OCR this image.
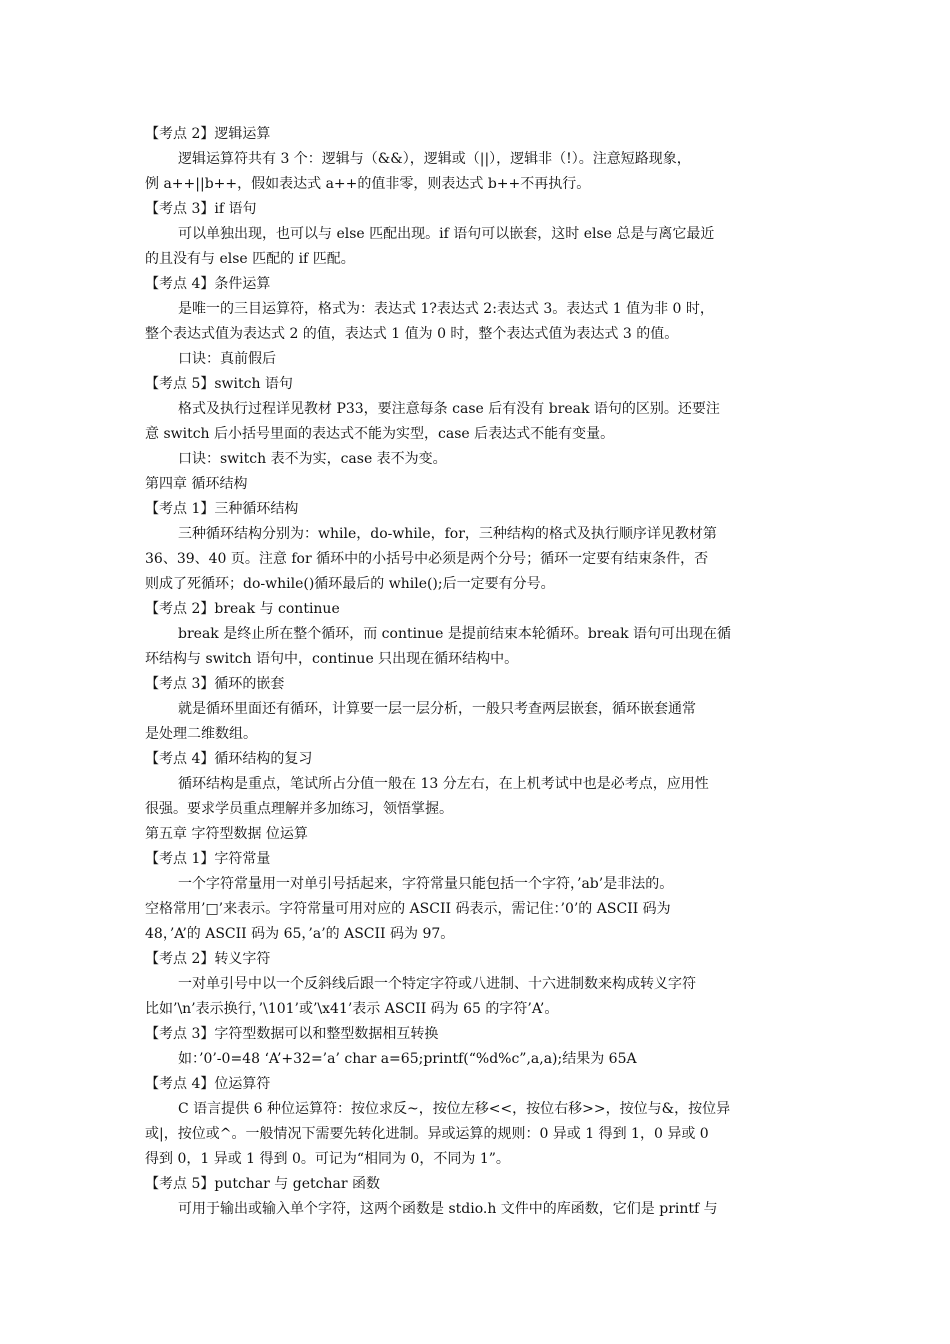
【考点 2】逻辑运算
逻辑运算符共有 3 个：逻辑与（&&），逻辑或（||），逻辑非（!）。注意短路现象，
例 a++||b++，假如表达式 a++的值非零，则表达式 b++不再执行。
【考点 3】if 语句
可以单独出现，也可以与 else 匹配出现。if 语句可以嵌套，这时 else 总是与离它最近
的且没有与 else 匹配的 if 匹配。
【考点 4】条件运算
是唯一的三目运算符，格式为：表达式 1?表达式 2:表达式 3。表达式 1 值为非 0 时，
整个表达式值为表达式 2 的值，表达式 1 值为 0 时，整个表达式值为表达式 3 的值。
口诀：真前假后
【考点 5】switch 语句
格式及执行过程详见教材 P33，要注意每条 case 后有没有 break 语句的区别。还要注
意 switch 后小括号里面的表达式不能为实型，case 后表达式不能有变量。
口诀：switch 表不为实，case 表不为变。
第四章 循环结构
【考点 1】三种循环结构
三种循环结构分别为：while，do-while，for，三种结构的格式及执行顺序详见教材第
36、39、40 页。注意 for 循环中的小括号中必须是两个分号；循环一定要有结束条件，否
则成了死循环；do-while()循环最后的 while();后一定要有分号。
【考点 2】break 与 continue
break 是终止所在整个循环，而 continue 是提前结束本轮循环。break 语句可出现在循
环结构与 switch 语句中，continue 只出现在循环结构中。
【考点 3】循环的嵌套
就是循环里面还有循环，计算要一层一层分析，一般只考查两层嵌套，循环嵌套通常
是处理二维数组。
【考点 4】循环结构的复习
循环结构是重点，笔试所占分值一般在 13 分左右，在上机考试中也是必考点，应用性
很强。要求学员重点理解并多加练习，领悟掌握。
第五章 字符型数据 位运算
【考点 1】字符常量
一个字符常量用一对单引号括起来，字符常量只能包括一个字符，’ab’是非法的。
空格常用’□’来表示。字符常量可用对应的 ASCII 码表示，需记住：’0’的 ASCII 码为
48，’A’的 ASCII 码为 65，’a’的 ASCII 码为 97。
【考点 2】转义字符
一对单引号中以一个反斜线后跟一个特定字符或八进制、十六进制数来构成转义字符
比如’\n’表示换行，’\101’或’\x41’表示 ASCII 码为 65 的字符’A’。
【考点 3】字符型数据可以和整型数据相互转换
如：’0’-0=48 ‘A’+32=’a’ char a=65;printf(“%d%c”,a,a);结果为 65A
【考点 4】位运算符
C 语言提供 6 种位运算符：按位求反~，按位左移<<，按位右移>>，按位与&，按位异
或|，按位或^。一般情况下需要先转化进制。异或运算的规则：0 异或 1 得到 1，0 异或 0
得到 0，1 异或 1 得到 0。可记为“相同为 0，不同为 1”。
【考点 5】putchar 与 getchar 函数
可用于输出或输入单个字符，这两个函数是 stdio.h 文件中的库函数，它们是 printf 与
